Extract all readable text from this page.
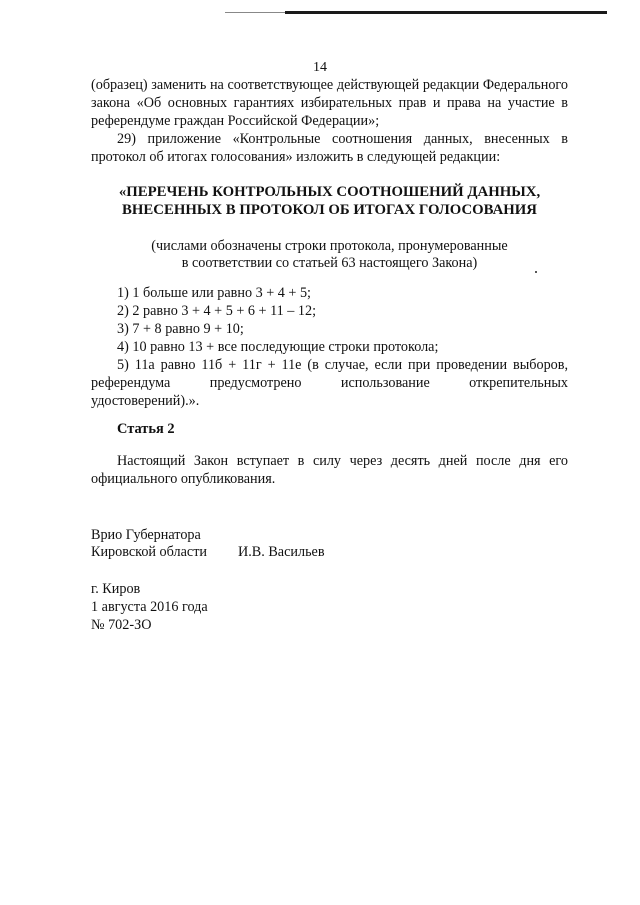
14

(образец) заменить на соответствующее действующей редакции Федерального закона «Об основных гарантиях избирательных прав и права на участие в референдуме граждан Российской Федерации»;

29) приложение «Контрольные соотношения данных, внесенных в протокол об итогах голосования» изложить в следующей редакции:

«ПЕРЕЧЕНЬ КОНТРОЛЬНЫХ СООТНОШЕНИЙ ДАННЫХ,

ВНЕСЕННЫХ В ПРОТОКОЛ ОБ ИТОГАХ ГОЛОСОВАНИЯ

(числами обозначены строки протокола, пронумерованные

в соответствии со статьей 63 настоящего Закона)

1) 1 больше или равно 3 + 4 + 5;
2) 2 равно 3 + 4 + 5 + 6 + 11 – 12;
3) 7 + 8 равно 9 + 10;
4) 10 равно 13 + все последующие строки протокола;
5) 11а равно 11б + 11г + 11е (в случае, если при проведении выборов, референдума предусмотрено использование открепительных удостоверений).».

Статья 2

Настоящий Закон вступает в силу через десять дней после дня его официального опубликования.

Врио Губернатора

Кировской области И.В. Васильев

г. Киров
1 августа 2016 года
№ 702-ЗО
